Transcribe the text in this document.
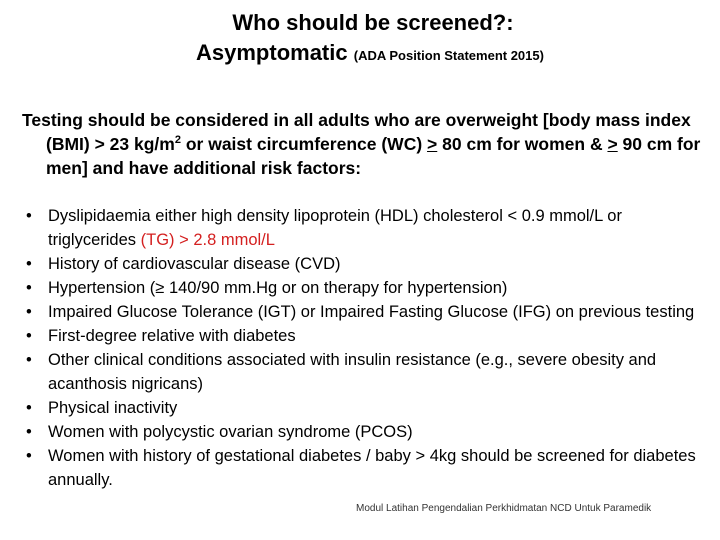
Who should be screened?:
Asymptomatic (ADA Position Statement 2015)
Testing should be considered in all adults who are overweight [body mass index (BMI) > 23 $kg/m^2$ or waist circumference (WC) > 80 cm for women & > 90 cm for men] and have additional risk factors:
• Dyslipidaemia either high density lipoprotein (HDL) cholesterol < 0.9 mmol/L or triglycerides (TG) > 2.8 mmol/L
• History of cardiovascular disease (CVD)
• Hypertension (≥ 140/90 mm.Hg or on therapy for hypertension)
• Impaired Glucose Tolerance (IGT) or Impaired Fasting Glucose (IFG) on previous testing
• First-degree relative with diabetes
• Other clinical conditions associated with insulin resistance (e.g., severe obesity and acanthosis nigricans)
• Physical inactivity
• Women with polycystic ovarian syndrome (PCOS)
• Women with history of gestational diabetes / baby > 4kg should be screened for diabetes annually.
Modul Latihan Pengendalian Perkhidmatan NCD Untuk Paramedik
